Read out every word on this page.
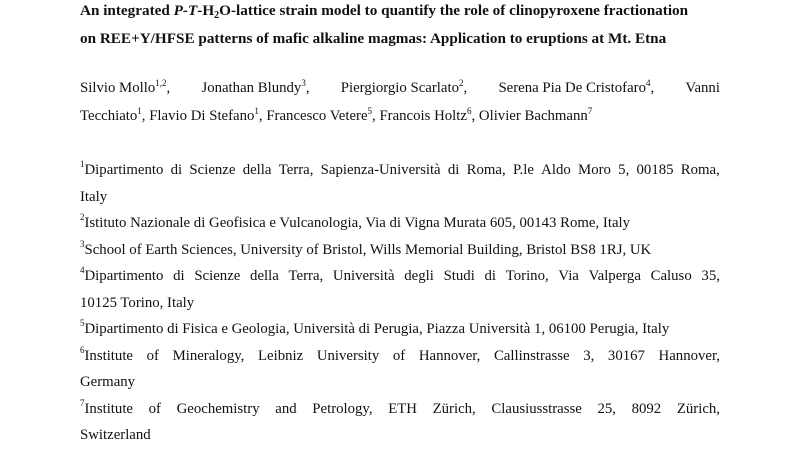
An integrated $P-T-H_2O$-lattice strain model to quantify the role of clinopyroxene fractionation
on REE+Y/HFSE patterns of mafic alkaline magmas: Application to eruptions at Mt. Etna
Silvio Mollo$^{1,2}$, Jonathan Blundy$^3$, Piergiorgio Scarlato$^2$, Serena Pia De Cristofaro$^4$, Vanni
Tecchiato$^1$, Flavio Di Stefano$^1$, Francesco Vetere$^5$, Francois Holtz$^6$, Olivier Bachmann$^7$
$^1$Dipartimento di Scienze della Terra, Sapienza-Università di Roma, P.le Aldo Moro 5, 00185 Roma,
Italy
$^2$Istituto Nazionale di Geofisica e Vulcanologia, Via di Vigna Murata 605, 00143 Rome, Italy
$^3$School of Earth Sciences, University of Bristol, Wills Memorial Building, Bristol BS8 1RJ, UK
$^4$Dipartimento di Scienze della Terra, Università degli Studi di Torino, Via Valperga Caluso 35,
10125 Torino, Italy
$^5$Dipartimento di Fisica e Geologia, Università di Perugia, Piazza Università 1, 06100 Perugia, Italy
$^6$Institute of Mineralogy, Leibniz University of Hannover, Callinstrasse 3, 30167 Hannover,
Germany
$^7$Institute of Geochemistry and Petrology, ETH Zürich, Clausiusstrasse 25, 8092 Zürich,
Switzerland
